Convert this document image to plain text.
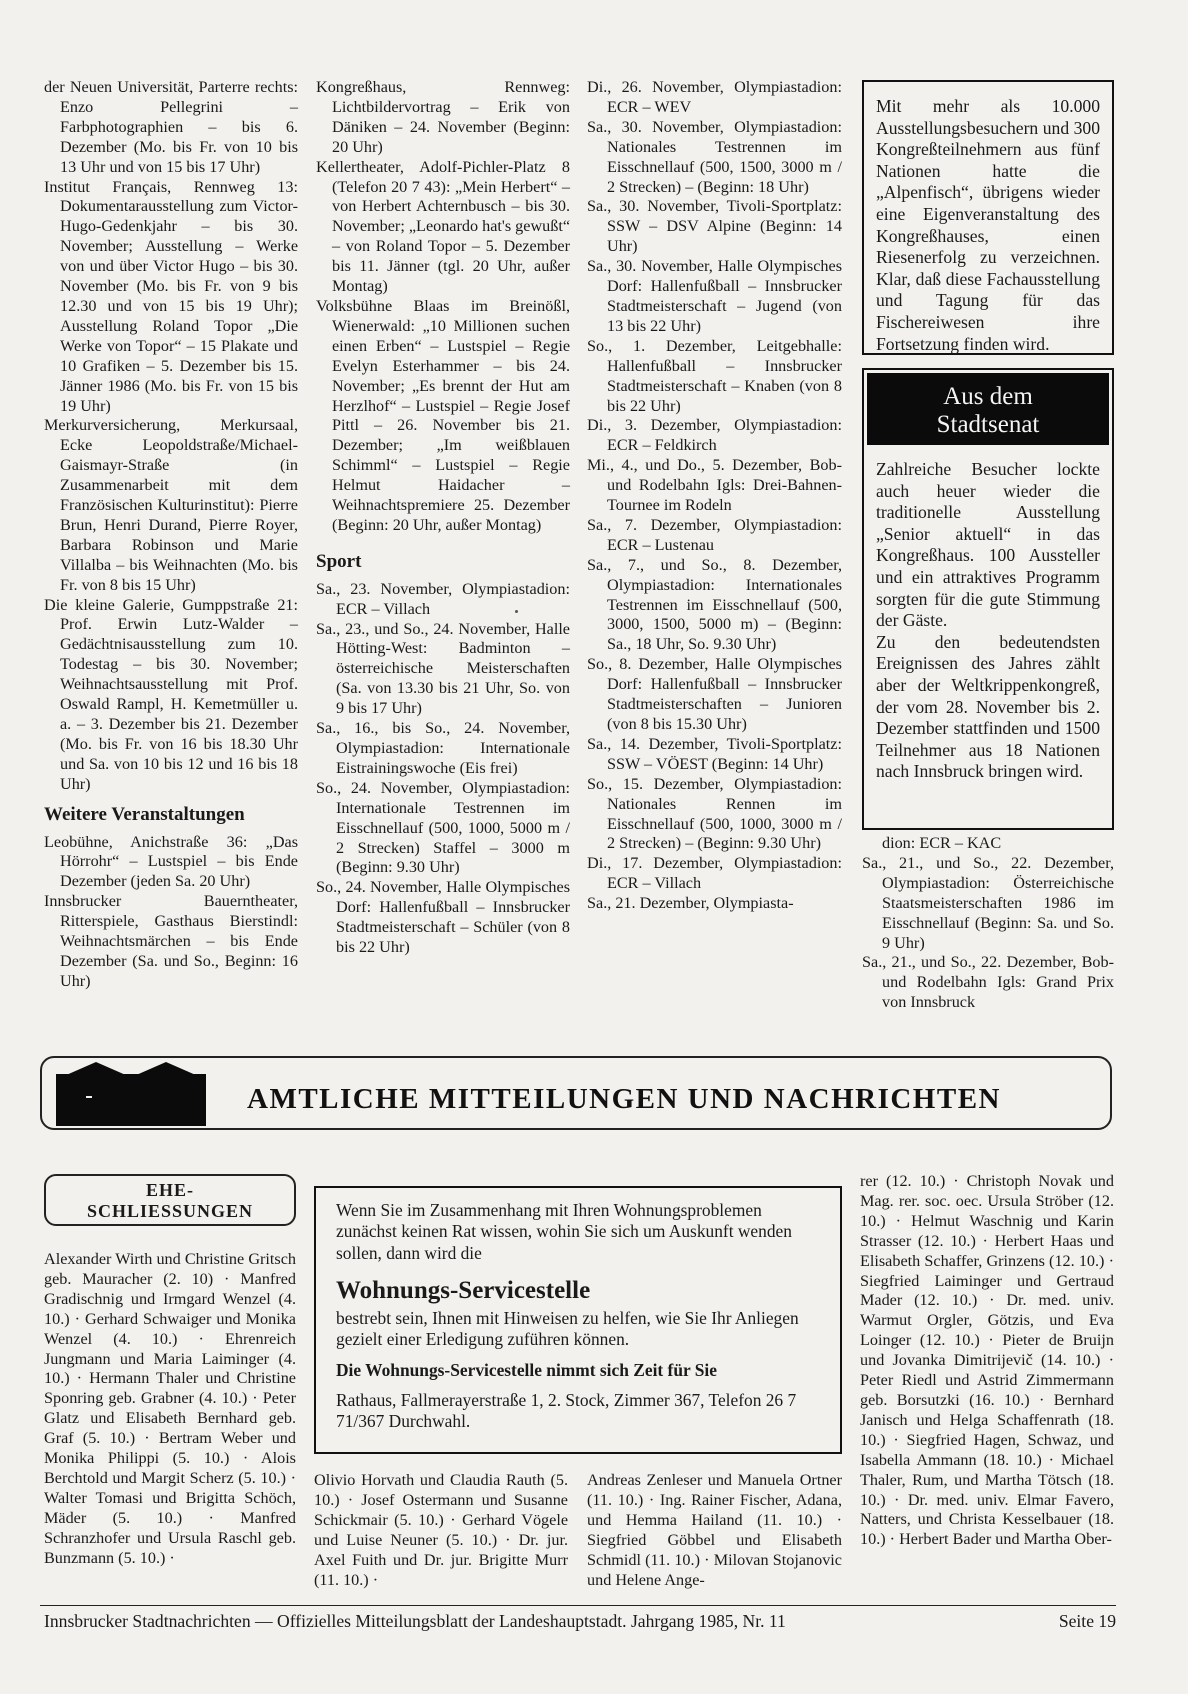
der Neuen Universität, Parterre rechts: Enzo Pellegrini – Farbphotographien – bis 6. Dezember (Mo. bis Fr. von 10 bis 13 Uhr und von 15 bis 17 Uhr)

Institut Français, Rennweg 13: Dokumentarausstellung zum Victor-Hugo-Gedenkjahr – bis 30. November; Ausstellung – Werke von und über Victor Hugo – bis 30. November (Mo. bis Fr. von 9 bis 12.30 und von 15 bis 19 Uhr); Ausstellung Roland Topor „Die Werke von Topor“ – 15 Plakate und 10 Grafiken – 5. Dezember bis 15. Jänner 1986 (Mo. bis Fr. von 15 bis 19 Uhr)

Merkurversicherung, Merkursaal, Ecke Leopoldstraße/Michael-Gaismayr-Straße (in Zusammenarbeit mit dem Französischen Kulturinstitut): Pierre Brun, Henri Durand, Pierre Royer, Barbara Robinson und Marie Villalba – bis Weihnachten (Mo. bis Fr. von 8 bis 15 Uhr)

Die kleine Galerie, Gumppstraße 21: Prof. Erwin Lutz-Walder – Gedächtnisausstellung zum 10. Todestag – bis 30. November; Weihnachtsausstellung mit Prof. Oswald Rampl, H. Kemetmüller u. a. – 3. Dezember bis 21. Dezember (Mo. bis Fr. von 16 bis 18.30 Uhr und Sa. von 10 bis 12 und 16 bis 18 Uhr)

Weitere Veranstaltungen

Leobühne, Anichstraße 36: „Das Hörrohr“ – Lustspiel – bis Ende Dezember (jeden Sa. 20 Uhr)

Innsbrucker Bauerntheater, Ritterspiele, Gasthaus Bierstindl: Weihnachtsmärchen – bis Ende Dezember (Sa. und So., Beginn: 16 Uhr)

Kongreßhaus, Rennweg: Lichtbildervortrag – Erik von Däniken – 24. November (Beginn: 20 Uhr)

Kellertheater, Adolf-Pichler-Platz 8 (Telefon 20 7 43): „Mein Herbert“ – von Herbert Achternbusch – bis 30. November; „Leonardo hat's gewußt“ – von Roland Topor – 5. Dezember bis 11. Jänner (tgl. 20 Uhr, außer Montag)

Volksbühne Blaas im Breinößl, Wienerwald: „10 Millionen suchen einen Erben“ – Lustspiel – Regie Evelyn Esterhammer – bis 24. November; „Es brennt der Hut am Herzlhof“ – Lustspiel – Regie Josef Pittl – 26. November bis 21. Dezember; „Im weißblauen Schimml“ – Lustspiel – Regie Helmut Haidacher – Weihnachtspremiere 25. Dezember (Beginn: 20 Uhr, außer Montag)

Sport

Sa., 23. November, Olympiastadion: ECR – Villach

Sa., 23., und So., 24. November, Halle Hötting-West: Badminton – österreichische Meisterschaften (Sa. von 13.30 bis 21 Uhr, So. von 9 bis 17 Uhr)

Sa., 16., bis So., 24. November, Olympiastadion: Internationale Eistrainingswoche (Eis frei)

So., 24. November, Olympiastadion: Internationale Testrennen im Eisschnellauf (500, 1000, 5000 m / 2 Strecken) Staffel – 3000 m (Beginn: 9.30 Uhr)

So., 24. November, Halle Olympisches Dorf: Hallenfußball – Innsbrucker Stadtmeisterschaft – Schüler (von 8 bis 22 Uhr)

Di., 26. November, Olympiastadion: ECR – WEV

Sa., 30. November, Olympiastadion: Nationales Testrennen im Eisschnellauf (500, 1500, 3000 m / 2 Strecken) – (Beginn: 18 Uhr)

Sa., 30. November, Tivoli-Sportplatz: SSW – DSV Alpine (Beginn: 14 Uhr)

Sa., 30. November, Halle Olympisches Dorf: Hallenfußball – Innsbrucker Stadtmeisterschaft – Jugend (von 13 bis 22 Uhr)

So., 1. Dezember, Leitgebhalle: Hallenfußball – Innsbrucker Stadtmeisterschaft – Knaben (von 8 bis 22 Uhr)

Di., 3. Dezember, Olympiastadion: ECR – Feldkirch

Mi., 4., und Do., 5. Dezember, Bob- und Rodelbahn Igls: Drei-Bahnen-Tournee im Rodeln

Sa., 7. Dezember, Olympiastadion: ECR – Lustenau

Sa., 7., und So., 8. Dezember, Olympiastadion: Internationales Testrennen im Eisschnellauf (500, 3000, 1500, 5000 m) – (Beginn: Sa., 18 Uhr, So. 9.30 Uhr)

So., 8. Dezember, Halle Olympisches Dorf: Hallenfußball – Innsbrucker Stadtmeisterschaften – Junioren (von 8 bis 15.30 Uhr)

Sa., 14. Dezember, Tivoli-Sportplatz: SSW – VÖEST (Beginn: 14 Uhr)

So., 15. Dezember, Olympiastadion: Nationales Rennen im Eisschnellauf (500, 1000, 3000 m / 2 Strecken) – (Beginn: 9.30 Uhr)

Di., 17. Dezember, Olympiastadion: ECR – Villach

Sa., 21. Dezember, Olympiasta-

Mit mehr als 10.000 Ausstellungsbesuchern und 300 Kongreßteilnehmern aus fünf Nationen hatte die „Alpenfisch“, übrigens wieder eine Eigenveranstaltung des Kongreßhauses, einen Riesenerfolg zu verzeichnen. Klar, daß diese Fachausstellung und Tagung für das Fischereiwesen ihre Fortsetzung finden wird.
Aus dem
Stadtsenat

Zahlreiche Besucher lockte auch heuer wieder die traditionelle Ausstellung „Senior aktuell“ in das Kongreßhaus. 100 Aussteller und ein attraktives Programm sorgten für die gute Stimmung der Gäste.

Zu den bedeutendsten Ereignissen des Jahres zählt aber der Weltkrippenkongreß, der vom 28. November bis 2. Dezember stattfinden und 1500 Teilnehmer aus 18 Nationen nach Innsbruck bringen wird.

dion: ECR – KAC

Sa., 21., und So., 22. Dezember, Olympiastadion: Österreichische Staatsmeisterschaften 1986 im Eisschnellauf (Beginn: Sa. und So. 9 Uhr)

Sa., 21., und So., 22. Dezember, Bob- und Rodelbahn Igls: Grand Prix von Innsbruck

AMTLICHE MITTEILUNGEN UND NACHRICHTEN
EHE-
SCHLIESSUNGEN

Alexander Wirth und Christine Gritsch geb. Mauracher (2. 10) · Manfred Gradischnig und Irmgard Wenzel (4. 10.) · Gerhard Schwaiger und Monika Wenzel (4. 10.) · Ehrenreich Jungmann und Maria Laiminger (4. 10.) · Hermann Thaler und Christine Sponring geb. Grabner (4. 10.) · Peter Glatz und Elisabeth Bernhard geb. Graf (5. 10.) · Bertram Weber und Monika Philippi (5. 10.) · Alois Berchtold und Margit Scherz (5. 10.) · Walter Tomasi und Brigitta Schöch, Mäder (5. 10.) · Manfred Schranzhofer und Ursula Raschl geb. Bunzmann (5. 10.) ·

Wenn Sie im Zusammenhang mit Ihren Wohnungsproblemen zunächst keinen Rat wissen, wohin Sie sich um Auskunft wenden sollen, dann wird die

Wohnungs-Servicestelle

bestrebt sein, Ihnen mit Hinweisen zu helfen, wie Sie Ihr Anliegen gezielt einer Erledigung zuführen können.

Die Wohnungs-Servicestelle nimmt sich Zeit für Sie

Rathaus, Fallmerayerstraße 1, 2. Stock, Zimmer 367, Telefon 26 7 71/367 Durchwahl.

Olivio Horvath und Claudia Rauth (5. 10.) · Josef Ostermann und Susanne Schickmair (5. 10.) · Gerhard Vögele und Luise Neuner (5. 10.) · Dr. jur. Axel Fuith und Dr. jur. Brigitte Murr (11. 10.) ·

Andreas Zenleser und Manuela Ortner (11. 10.) · Ing. Rainer Fischer, Adana, und Hemma Hailand (11. 10.) · Siegfried Göbbel und Elisabeth Schmidl (11. 10.) · Milovan Stojanovic und Helene Ange-

rer (12. 10.) · Christoph Novak und Mag. rer. soc. oec. Ursula Ströber (12. 10.) · Helmut Waschnig und Karin Strasser (12. 10.) · Herbert Haas und Elisabeth Schaffer, Grinzens (12. 10.) · Siegfried Laiminger und Gertraud Mader (12. 10.) · Dr. med. univ. Warmut Orgler, Götzis, und Eva Loinger (12. 10.) · Pieter de Bruijn und Jovanka Dimitrijevič (14. 10.) · Peter Riedl und Astrid Zimmermann geb. Borsutzki (16. 10.) · Bernhard Janisch und Helga Schaffenrath (18. 10.) · Siegfried Hagen, Schwaz, und Isabella Ammann (18. 10.) · Michael Thaler, Rum, und Martha Tötsch (18. 10.) · Dr. med. univ. Elmar Favero, Natters, und Christa Kesselbauer (18. 10.) · Herbert Bader und Martha Ober-

Innsbrucker Stadtnachrichten — Offizielles Mitteilungsblatt der Landeshauptstadt. Jahrgang 1985, Nr. 11	Seite 19
